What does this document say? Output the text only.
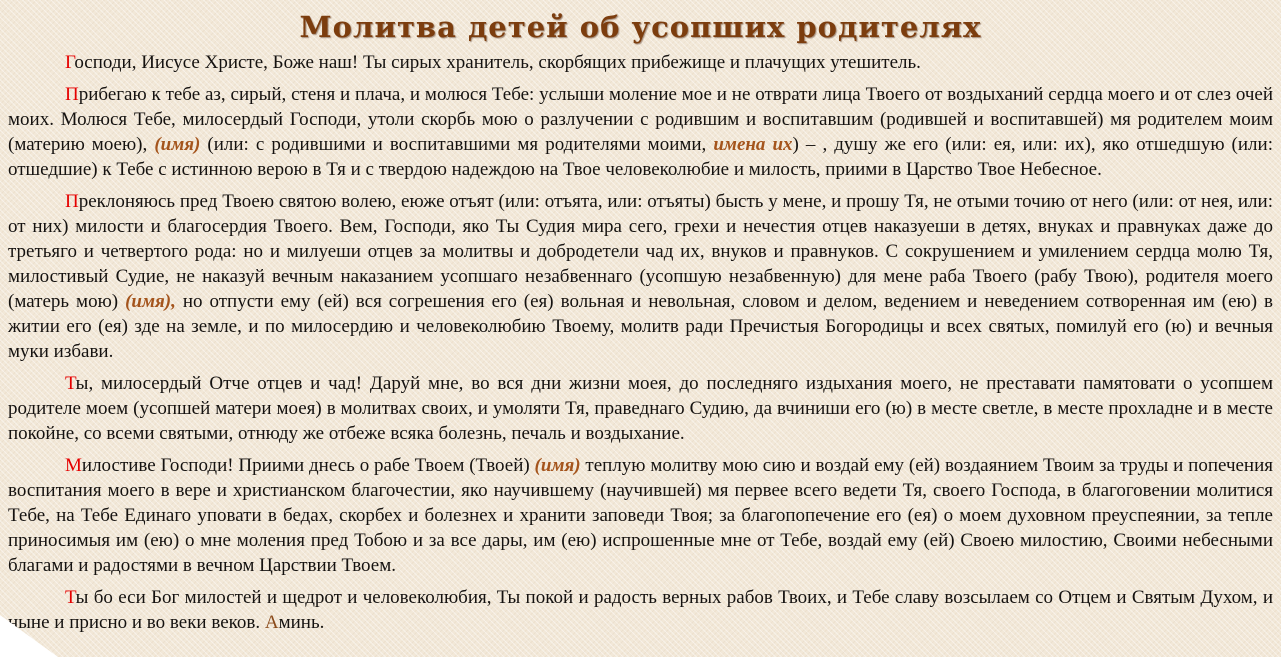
Молитва детей об усопших родителях

Господи, Иисусе Христе, Боже наш! Ты сирых хранитель, скорбящих прибежище и плачущих утешитель.

Прибегаю к тебе аз, сирый, стеня и плача, и молюся Тебе: услыши моление мое и не отврати лица Твоего от воздыханий сердца моего и от слез очей моих. Молюся Тебе, милосердый Господи, утоли скорбь мою о разлучении с родившим и воспитавшим (родившей и воспитавшей) мя родителем моим (материю моею), (имя) (или: с родившими и воспитавшими мя родителями моими, имена их) – , душу же его (или: ея, или: их), яко отшедшую (или: отшедшие) к Тебе с истинною верою в Тя и с твердою надеждою на Твое человеколюбие и милость, приими в Царство Твое Небесное.

Преклоняюсь пред Твоею святою волею, еюже отъят (или: отъята, или: отъяты) бысть у мене, и прошу Тя, не отыми точию от него (или: от нея, или: от них) милости и благосердия Твоего. Вем, Господи, яко Ты Судия мира сего, грехи и нечестия отцев наказуеши в детях, внуках и правнуках даже до третьяго и четвертого рода: но и милуеши отцев за молитвы и добродетели чад их, внуков и правнуков. С сокрушением и умилением сердца молю Тя, милостивый Судие, не наказуй вечным наказанием усопшаго незабвеннаго (усопшую незабвенную) для мене раба Твоего (рабу Твою), родителя моего (матерь мою) (имя), но отпусти ему (ей) вся согрешения его (ея) вольная и невольная, словом и делом, ведением и неведением сотворенная им (ею) в житии его (ея) зде на земле, и по милосердию и человеколюбию Твоему, молитв ради Пречистыя Богородицы и всех святых, помилуй его (ю) и вечныя муки избави.

Ты, милосердый Отче отцев и чад! Даруй мне, во вся дни жизни моея, до последняго издыхания моего, не преставати памятовати о усопшем родителе моем (усопшей матери моея) в молитвах своих, и умоляти Тя, праведнаго Судию, да вчиниши его (ю) в месте светле, в месте прохладне и в месте покойне, со всеми святыми, отнюду же отбеже всяка болезнь, печаль и воздыхание.

Милостиве Господи! Приими днесь о рабе Твоем (Твоей) (имя) теплую молитву мою сию и воздай ему (ей) воздаянием Твоим за труды и попечения воспитания моего в вере и христианском благочестии, яко научившему (научившей) мя первее всего ведети Тя, своего Господа, в благоговении молитися Тебе, на Тебе Единаго уповати в бедах, скорбех и болезнех и хранити заповеди Твоя; за благопопечение его (ея) о моем духовном преуспеянии, за тепле приносимыя им (ею) о мне моления пред Тобою и за все дары, им (ею) испрошенные мне от Тебе, воздай ему (ей) Своею милостию, Своими небесными благами и радостями в вечном Царствии Твоем.

Ты бо еси Бог милостей и щедрот и человеколюбия, Ты покой и радость верных рабов Твоих, и Тебе славу возсылаем со Отцем и Святым Духом, и ныне и присно и во веки веков. Аминь.
